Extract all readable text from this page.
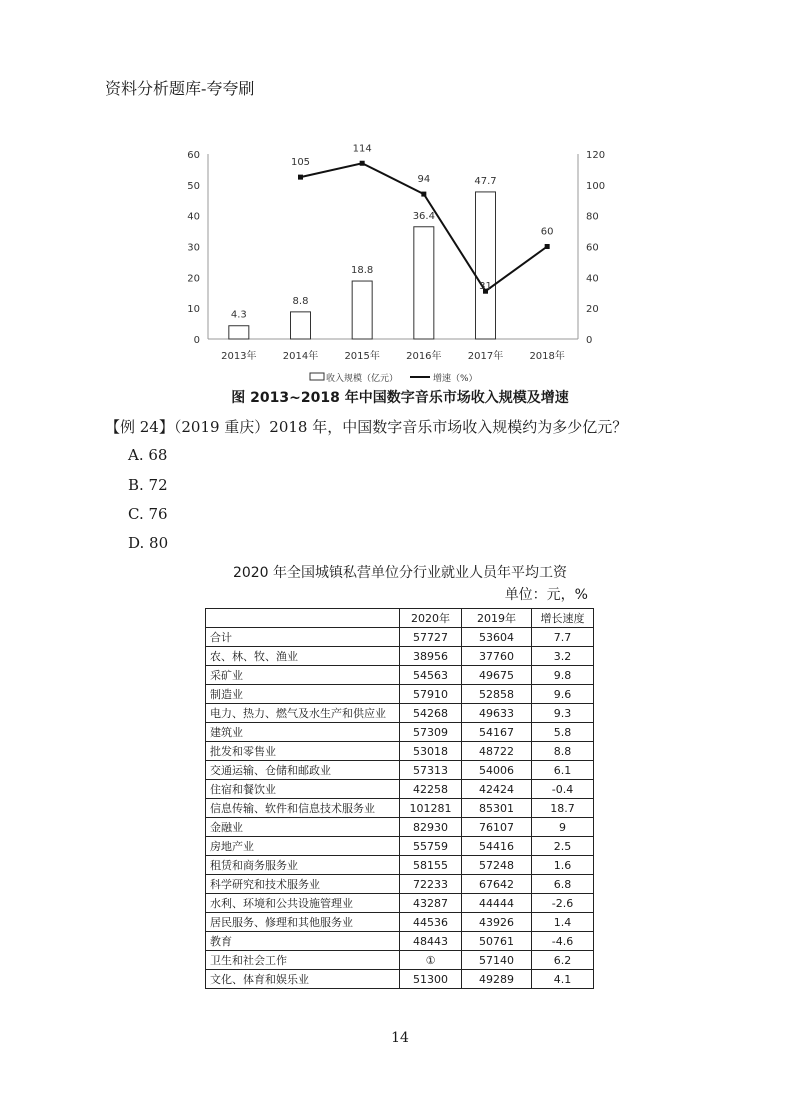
资料分析题库-夸夸刷
0
10
20
30
40
50
60
0
20
40
60
80
100
120
4.3
2013年
8.8
2014年
18.8
2015年
36.4
2016年
47.7
2017年	2018年
105
114
94
31
60
收入规模（亿元）	增速（%）
图 2013~2018 年中国数字音乐市场收入规模及增速
【例 24】（2019 重庆）2018 年，中国数字音乐市场收入规模约为多少亿元？
A. 68
B. 72
C. 76
D. 80
2020 年全国城镇私营单位分行业就业人员年平均工资
单位：元，%
	2020年	2019年	增长速度
合计	57727	53604	7.7
农、林、牧、渔业	38956	37760	3.2
采矿业	54563	49675	9.8
制造业	57910	52858	9.6
电力、热力、燃气及水生产和供应业	54268	49633	9.3
建筑业	57309	54167	5.8
批发和零售业	53018	48722	8.8
交通运输、仓储和邮政业	57313	54006	6.1
住宿和餐饮业	42258	42424	-0.4
信息传输、软件和信息技术服务业	101281	85301	18.7
金融业	82930	76107	9
房地产业	55759	54416	2.5
租赁和商务服务业	58155	57248	1.6
科学研究和技术服务业	72233	67642	6.8
水利、环境和公共设施管理业	43287	44444	-2.6
居民服务、修理和其他服务业	44536	43926	1.4
教育	48443	50761	-4.6
卫生和社会工作	①	57140	6.2
文化、体育和娱乐业	51300	49289	4.1
14
